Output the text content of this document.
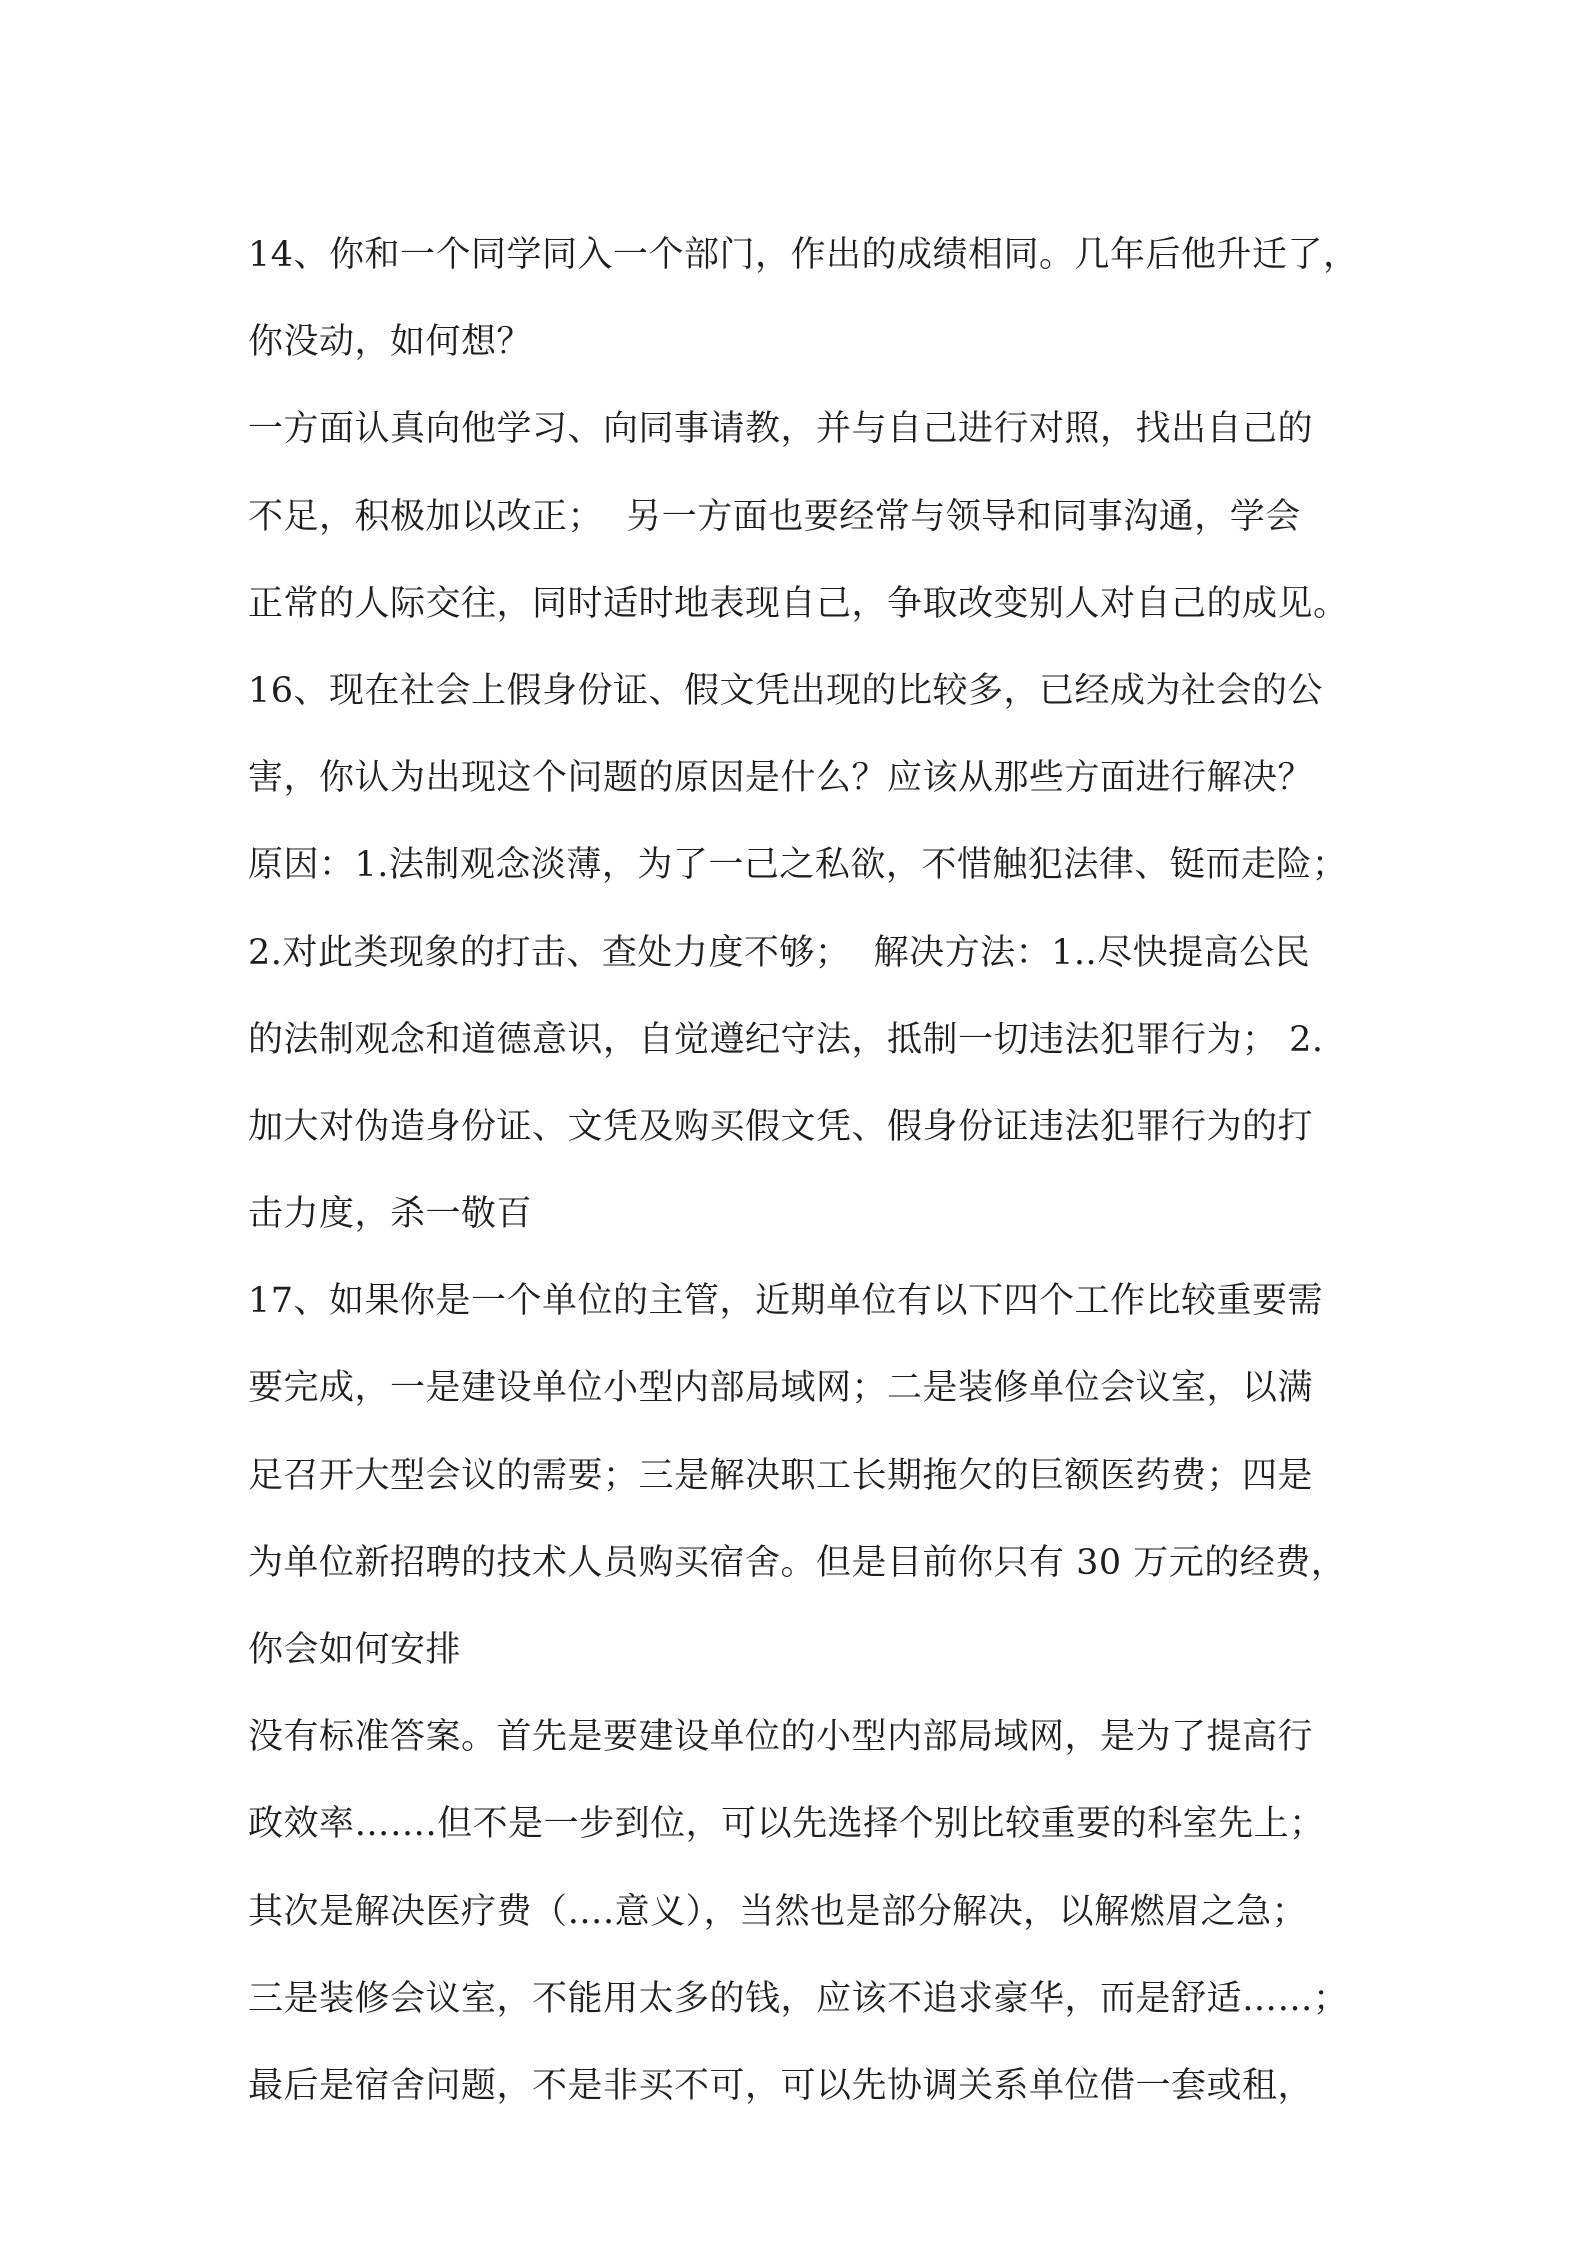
14、你和一个同学同入一个部门，作出的成绩相同。几年后他升迁了，
你没动，如何想？
一方面认真向他学习、向同事请教，并与自己进行对照，找出自己的
不足，积极加以改正；  另一方面也要经常与领导和同事沟通，学会
正常的人际交往，同时适时地表现自己，争取改变别人对自己的成见。
16、现在社会上假身份证、假文凭出现的比较多，已经成为社会的公
害，你认为出现这个问题的原因是什么？应该从那些方面进行解决？
原因：1.法制观念淡薄，为了一己之私欲，不惜触犯法律、铤而走险；
2.对此类现象的打击、查处力度不够；  解决方法：1..尽快提高公民
的法制观念和道德意识，自觉遵纪守法，抵制一切违法犯罪行为； 2.
加大对伪造身份证、文凭及购买假文凭、假身份证违法犯罪行为的打
击力度，杀一敬百
17、如果你是一个单位的主管，近期单位有以下四个工作比较重要需
要完成，一是建设单位小型内部局域网；二是装修单位会议室，以满
足召开大型会议的需要；三是解决职工长期拖欠的巨额医药费；四是
为单位新招聘的技术人员购买宿舍。但是目前你只有 30 万元的经费，
你会如何安排
没有标准答案。首先是要建设单位的小型内部局域网，是为了提高行
政效率…….但不是一步到位，可以先选择个别比较重要的科室先上；
其次是解决医疗费（….意义），当然也是部分解决，以解燃眉之急；
三是装修会议室，不能用太多的钱，应该不追求豪华，而是舒适……；
最后是宿舍问题，不是非买不可，可以先协调关系单位借一套或租，
